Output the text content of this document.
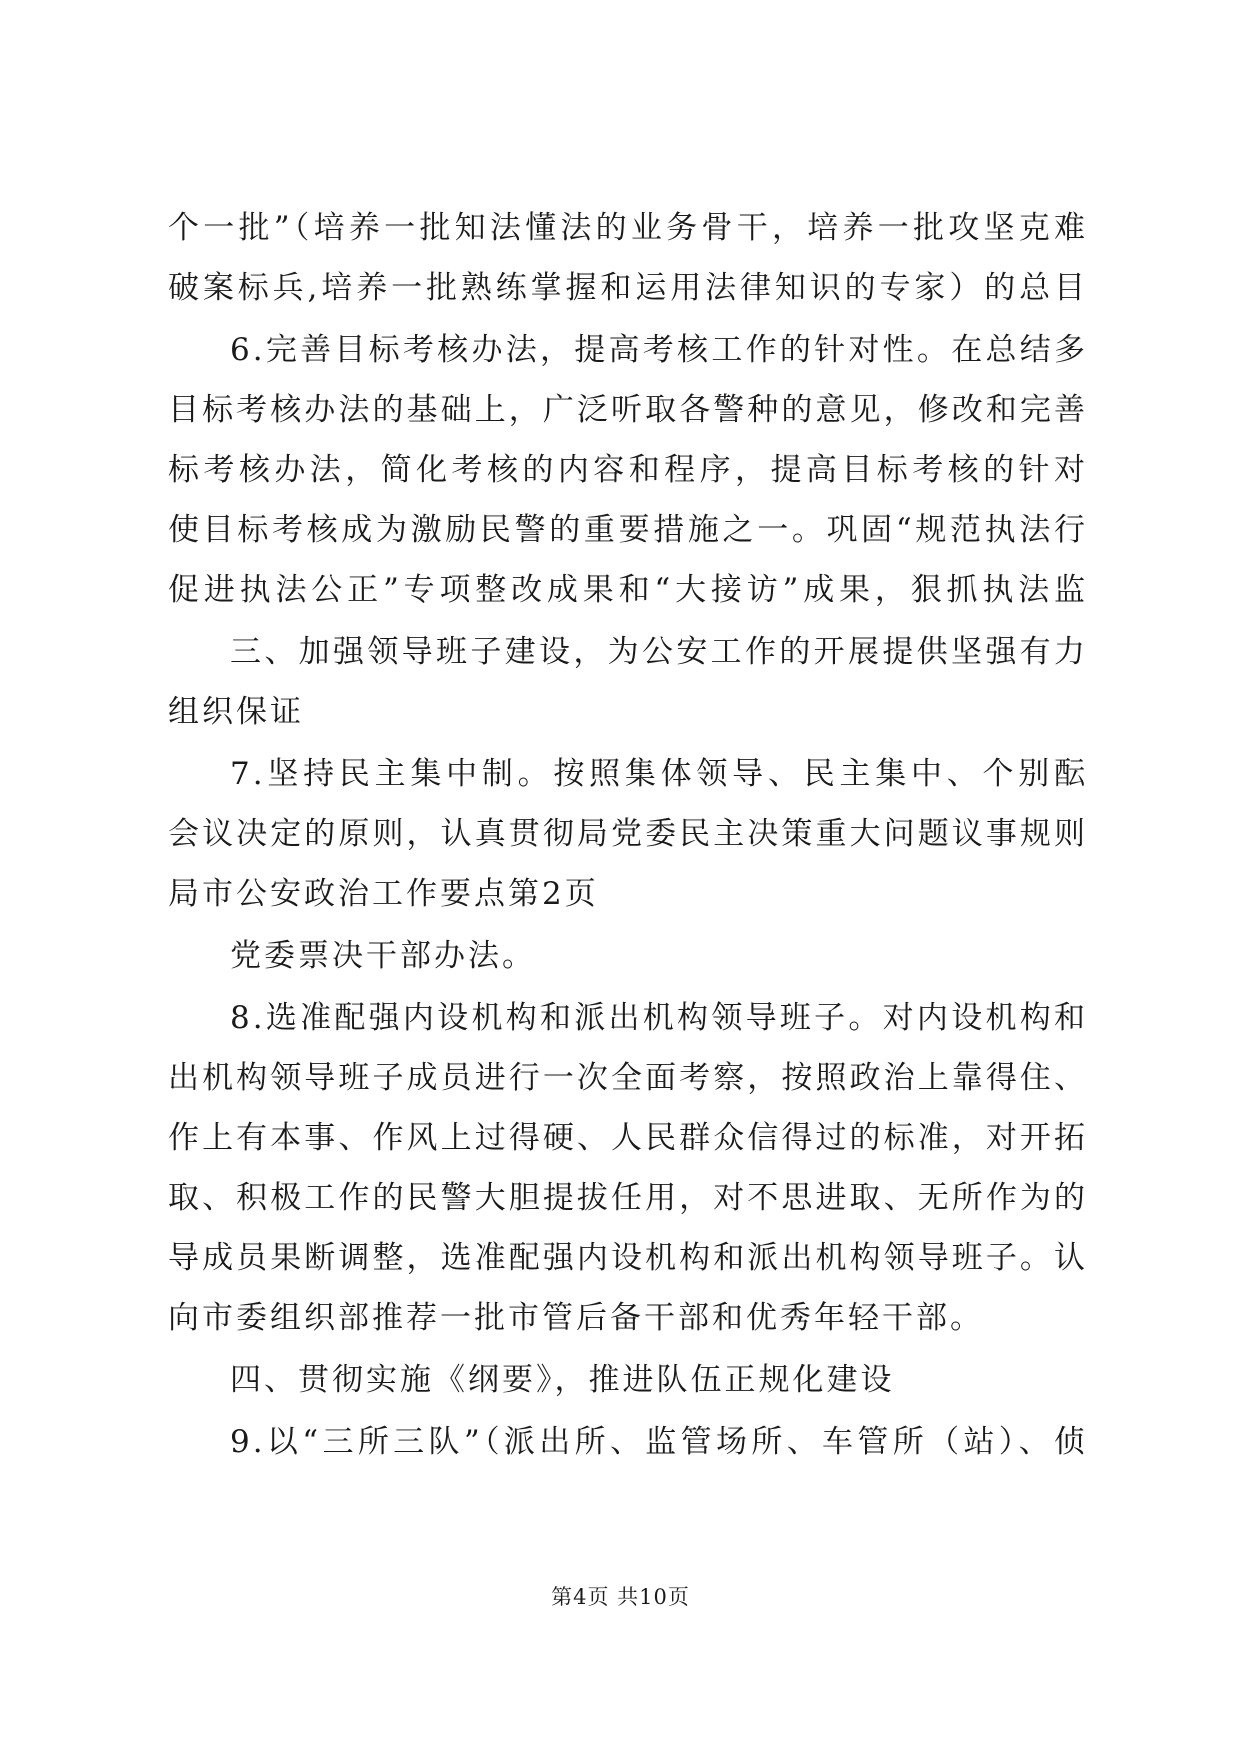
个一批”（培养一批知法懂法的业务骨干，培养一批攻坚克难
破案标兵,培养一批熟练掌握和运用法律知识的专家）的总目
6.完善目标考核办法，提高考核工作的针对性。在总结多
目标考核办法的基础上，广泛听取各警种的意见，修改和完善
标考核办法，简化考核的内容和程序，提高目标考核的针对
使目标考核成为激励民警的重要措施之一。巩固“规范执法行
促进执法公正”专项整改成果和“大接访”成果，狠抓执法监
三、加强领导班子建设，为公安工作的开展提供坚强有力
组织保证
7.坚持民主集中制。按照集体领导、民主集中、个别酝
会议决定的原则，认真贯彻局党委民主决策重大问题议事规则
局市公安政治工作要点第2页
党委票决干部办法。
8.选准配强内设机构和派出机构领导班子。对内设机构和
出机构领导班子成员进行一次全面考察，按照政治上靠得住、
作上有本事、作风上过得硬、人民群众信得过的标准，对开拓
取、积极工作的民警大胆提拔任用，对不思进取、无所作为的
导成员果断调整，选准配强内设机构和派出机构领导班子。认
向市委组织部推荐一批市管后备干部和优秀年轻干部。
四、贯彻实施《纲要》，推进队伍正规化建设
9.以“三所三队”（派出所、监管场所、车管所（站）、侦
第4页 共10页
